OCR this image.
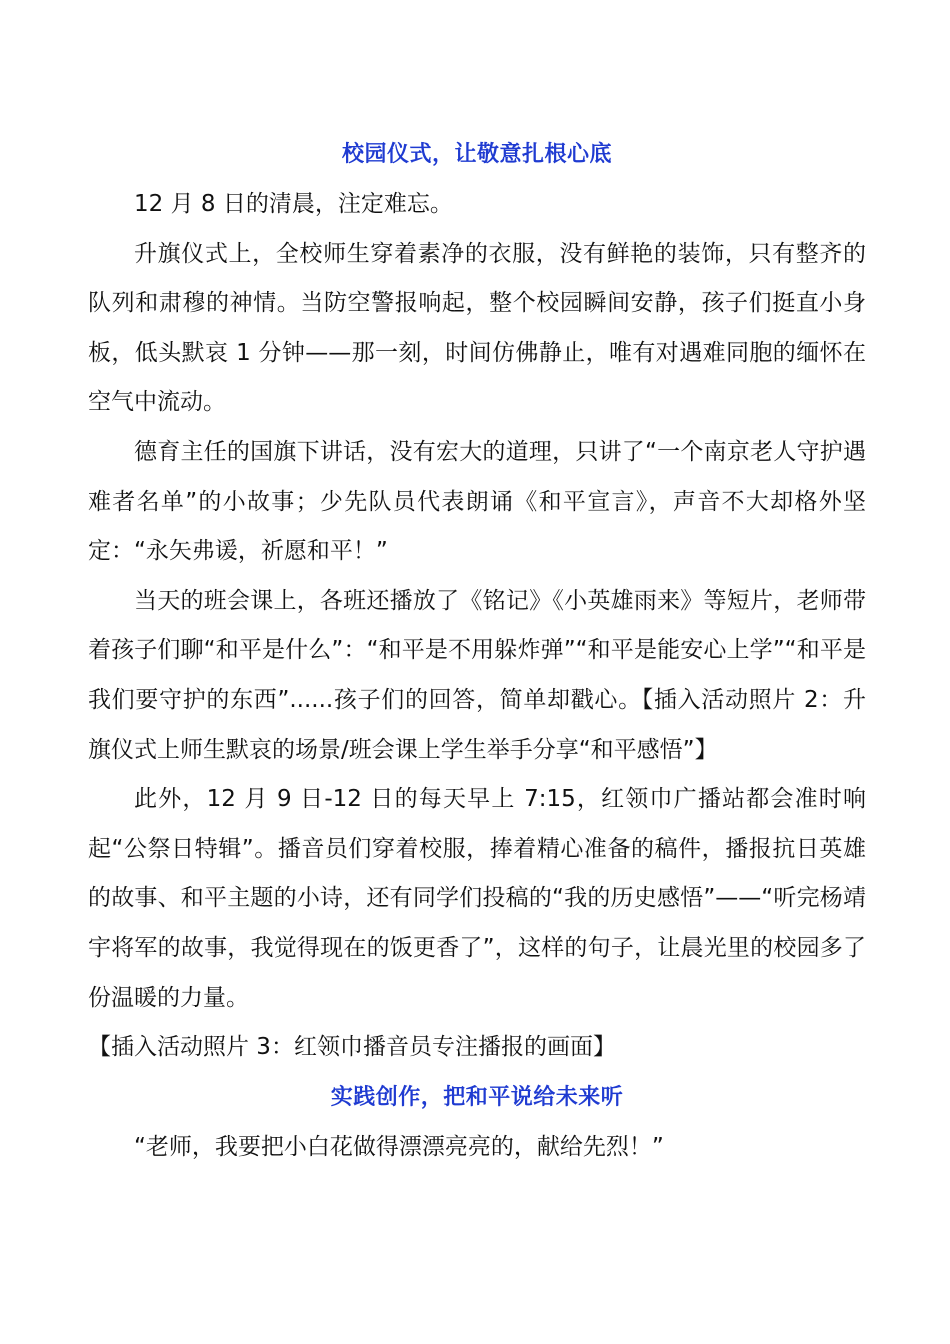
校园仪式，让敬意扎根心底

12 月 8 日的清晨，注定难忘。

升旗仪式上，全校师生穿着素净的衣服，没有鲜艳的装饰，只有整齐的队列和肃穆的神情。当防空警报响起，整个校园瞬间安静，孩子们挺直小身板，低头默哀 1 分钟——那一刻，时间仿佛静止，唯有对遇难同胞的缅怀在空气中流动。

德育主任的国旗下讲话，没有宏大的道理，只讲了“一个南京老人守护遇难者名单”的小故事；少先队员代表朗诵《和平宣言》，声音不大却格外坚定：“永矢弗谖，祈愿和平！”

当天的班会课上，各班还播放了《铭记》《小英雄雨来》等短片，老师带着孩子们聊“和平是什么”：“和平是不用躲炸弹”“和平是能安心上学”“和平是我们要守护的东西”......孩子们的回答，简单却戳心。【插入活动照片 2：升旗仪式上师生默哀的场景/班会课上学生举手分享“和平感悟”】

此外，12 月 9 日-12 日的每天早上 7:15，红领巾广播站都会准时响起“公祭日特辑”。播音员们穿着校服，捧着精心准备的稿件，播报抗日英雄的故事、和平主题的小诗，还有同学们投稿的“我的历史感悟”——“听完杨靖宇将军的故事，我觉得现在的饭更香了”，这样的句子，让晨光里的校园多了份温暖的力量。

【插入活动照片 3：红领巾播音员专注播报的画面】

实践创作，把和平说给未来听

“老师，我要把小白花做得漂漂亮亮的，献给先烈！”
